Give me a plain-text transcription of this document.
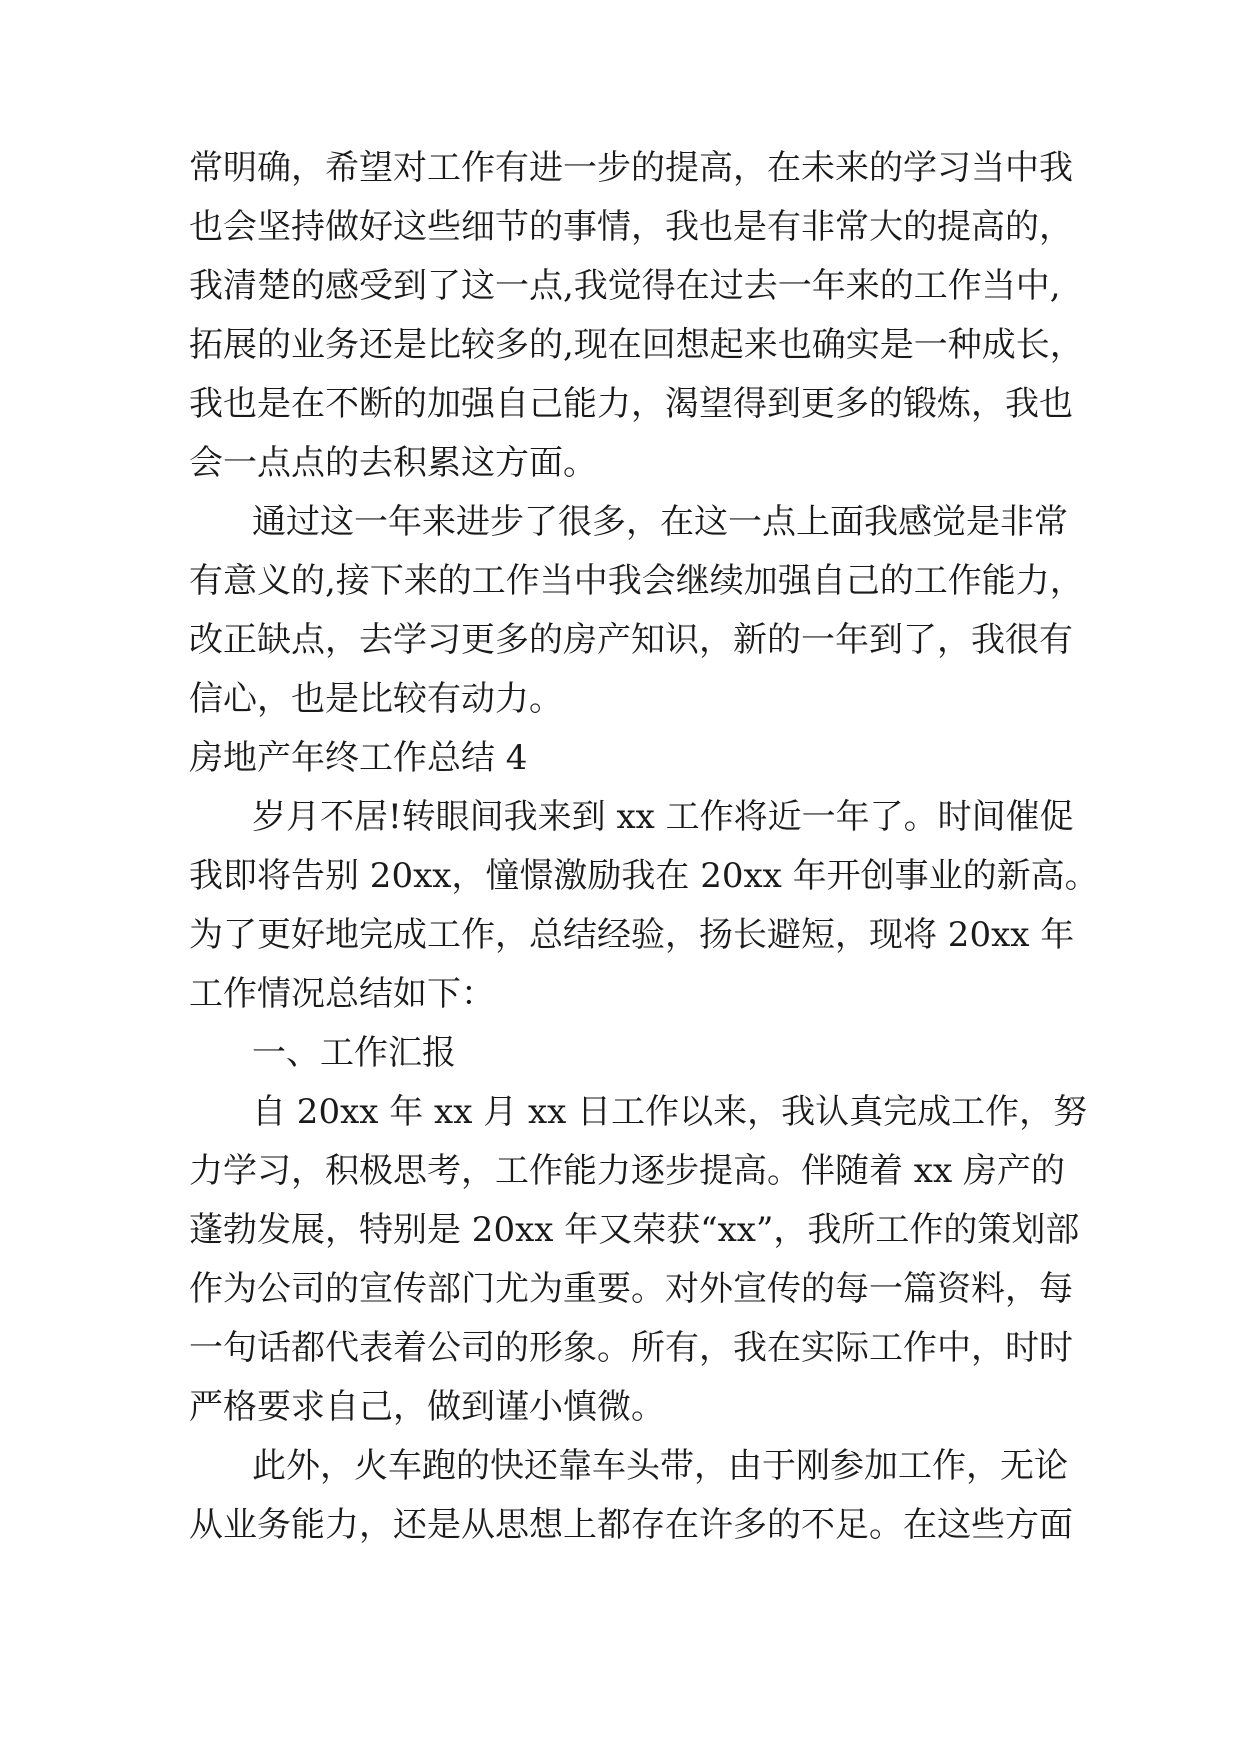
常明确，希望对工作有进一步的提高，在未来的学习当中我
也会坚持做好这些细节的事情，我也是有非常大的提高的，
我清楚的感受到了这一点,我觉得在过去一年来的工作当中,
拓展的业务还是比较多的,现在回想起来也确实是一种成长，
我也是在不断的加强自己能力，渴望得到更多的锻炼，我也
会一点点的去积累这方面。
通过这一年来进步了很多，在这一点上面我感觉是非常
有意义的,接下来的工作当中我会继续加强自己的工作能力，
改正缺点，去学习更多的房产知识，新的一年到了，我很有
信心，也是比较有动力。
房地产年终工作总结 4
岁月不居!转眼间我来到 xx 工作将近一年了。时间催促
我即将告别 20xx，憧憬激励我在 20xx 年开创事业的新高。
为了更好地完成工作，总结经验，扬长避短，现将 20xx 年
工作情况总结如下：
一、工作汇报
自 20xx 年 xx 月 xx 日工作以来，我认真完成工作，努
力学习，积极思考，工作能力逐步提高。伴随着 xx 房产的
蓬勃发展，特别是 20xx 年又荣获“xx”，我所工作的策划部
作为公司的宣传部门尤为重要。对外宣传的每一篇资料，每
一句话都代表着公司的形象。所有，我在实际工作中，时时
严格要求自己，做到谨小慎微。
此外，火车跑的快还靠车头带，由于刚参加工作，无论
从业务能力，还是从思想上都存在许多的不足。在这些方面
